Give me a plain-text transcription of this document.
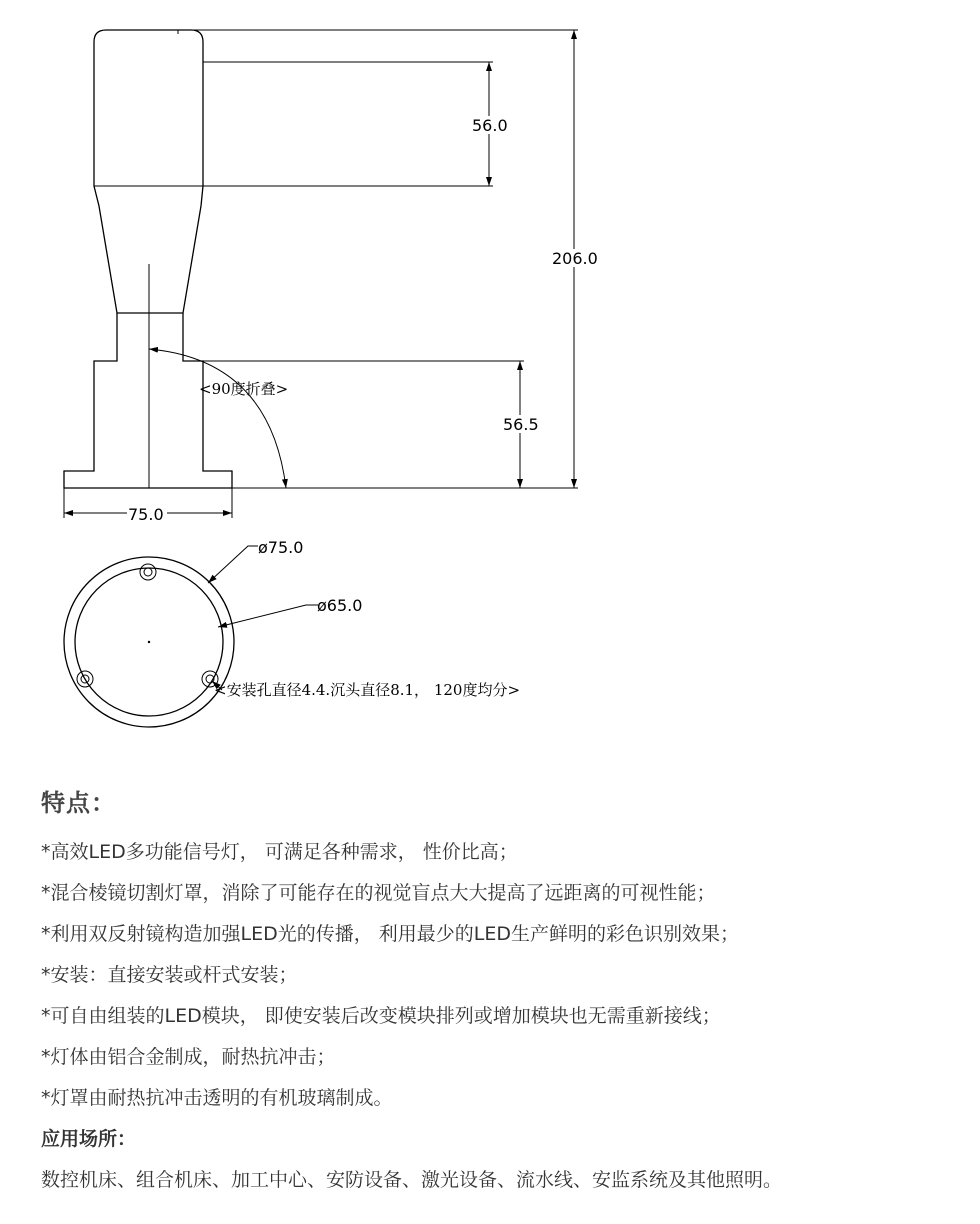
56.0
206.0
56.5
75.0
<90度折叠>
ø75.0
ø65.0
<安装孔直径4.4.沉头直径8.1， 120度均分>
特点：

*高效LED多功能信号灯， 可满足各种需求， 性价比高；

*混合棱镜切割灯罩，消除了可能存在的视觉盲点大大提高了远距离的可视性能；

*利用双反射镜构造加强LED光的传播， 利用最少的LED生产鲜明的彩色识别效果；

*安装：直接安装或杆式安装；

*可自由组装的LED模块， 即使安装后改变模块排列或增加模块也无需重新接线；

*灯体由铝合金制成，耐热抗冲击；

*灯罩由耐热抗冲击透明的有机玻璃制成。

应用场所：

数控机床、组合机床、加工中心、安防设备、激光设备、流水线、安监系统及其他照明。
